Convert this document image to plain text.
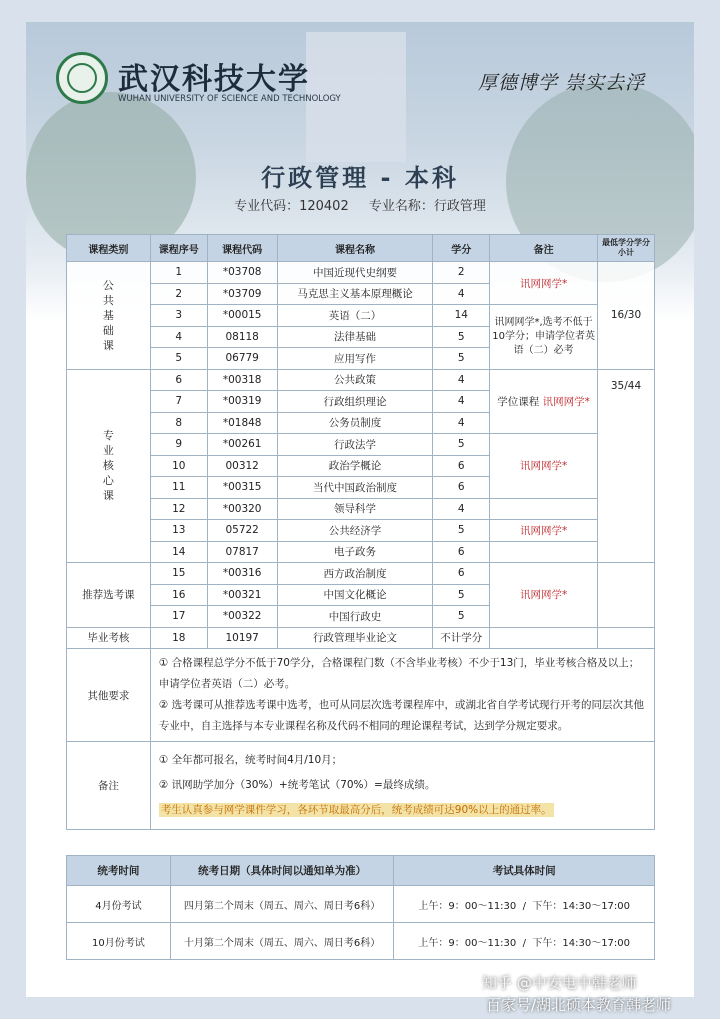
武汉科技大学
WUHAN UNIVERSITY OF SCIENCE AND TECHNOLOGY
厚德博学 崇实去浮
行政管理 - 本科
专业代码：120402 专业名称：行政管理
课程类别	课程序号	课程代码	课程名称	学分	备注	最低学分学分小计
公
共
基
础
课	1	*03708	中国近现代史纲要	2	讯网网学*	16/30
	2	*03709	马克思主义基本原理概论	4		
	3	*00015	英语（二）	14	讯网网学*,选考不低于10学分；申请学位者英语（二）必考	
	4	08118	法律基础	5		
	5	06779	应用写作	5		
专
业
核
心
课	6	*00318	公共政策	4	学位课程 讯网网学*	35/44
	7	*00319	行政组织理论	4		
	8	*01848	公务员制度	4		
	9	*00261	行政法学	5	讯网网学*	
	10	00312	政治学概论	6		
	11	*00315	当代中国政治制度	6		
	12	*00320	领导科学	4		
	13	05722	公共经济学	5	讯网网学*	
	14	07817	电子政务	6		
推荐选考课	15	*00316	西方政治制度	6	讯网网学*	
	16	*00321	中国文化概论	5		
	17	*00322	中国行政史	5		
毕业考核	18	10197	行政管理毕业论文	不计学分		
其他要求	① 合格课程总学分不低于70学分，合格课程门数（不含毕业考核）不少于13门，毕业考核合格及以上；申请学位者英语（二）必考。
② 选考课可从推荐选考课中选考，也可从同层次选考课程库中，或湖北省自学考试现行开考的同层次其他专业中，自主选择与本专业课程名称及代码不相同的理论课程考试，达到学分规定要求。					

备注	① 全年都可报名，统考时间4月/10月；
② 讯网助学加分（30%）+统考笔试（70%）=最终成绩。
考生认真参与网学课件学习，各环节取最高分后，统考成绩可达90%以上的通过率。					
统考时间	统考日期（具体时间以通知单为准）	考试具体时间
4月份考试	四月第二个周末（周五、周六、周日考6科）	上午：9：00～11:30 / 下午：14:30～17:00
10月份考试	十月第二个周末（周五、周六、周日考6科）	上午：9：00～11:30 / 下午：14:30～17:00
知乎 @中安电中韩老师
百家号/湖北硕本教育韩老师
